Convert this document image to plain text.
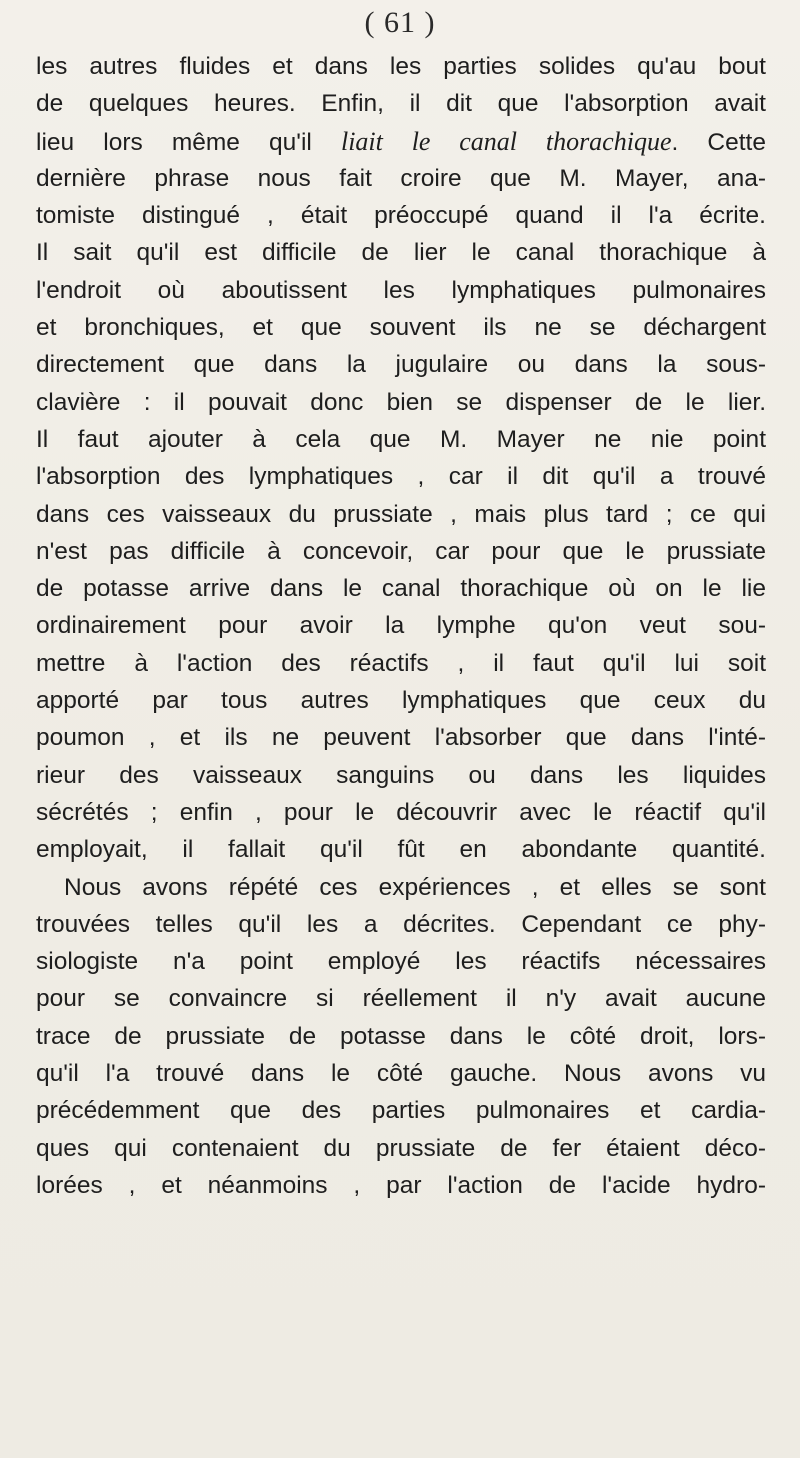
( 61 )
les autres fluides et dans les parties solides qu'au bout
de quelques heures. Enfin, il dit que l'absorption avait
lieu lors même qu'il liait le canal thorachique. Cette
dernière phrase nous fait croire que M. Mayer, ana-
tomiste distingué , était préoccupé quand il l'a écrite.
Il sait qu'il est difficile de lier le canal thorachique à
l'endroit où aboutissent les lymphatiques pulmonaires
et bronchiques, et que souvent ils ne se déchargent
directement que dans la jugulaire ou dans la sous-
clavière : il pouvait donc bien se dispenser de le lier.
Il faut ajouter à cela que M. Mayer ne nie point
l'absorption des lymphatiques , car il dit qu'il a trouvé
dans ces vaisseaux du prussiate , mais plus tard ; ce qui
n'est pas difficile à concevoir, car pour que le prussiate
de potasse arrive dans le canal thorachique où on le lie
ordinairement pour avoir la lymphe qu'on veut sou-
mettre à l'action des réactifs , il faut qu'il lui soit
apporté par tous autres lymphatiques que ceux du
poumon , et ils ne peuvent l'absorber que dans l'inté-
rieur des vaisseaux sanguins ou dans les liquides
sécrétés ; enfin , pour le découvrir avec le réactif qu'il
employait, il fallait qu'il fût en abondante quantité.
Nous avons répété ces expériences , et elles se sont
trouvées telles qu'il les a décrites. Cependant ce phy-
siologiste n'a point employé les réactifs nécessaires
pour se convaincre si réellement il n'y avait aucune
trace de prussiate de potasse dans le côté droit, lors-
qu'il l'a trouvé dans le côté gauche. Nous avons vu
précédemment que des parties pulmonaires et cardia-
ques qui contenaient du prussiate de fer étaient déco-
lorées , et néanmoins , par l'action de l'acide hydro-
